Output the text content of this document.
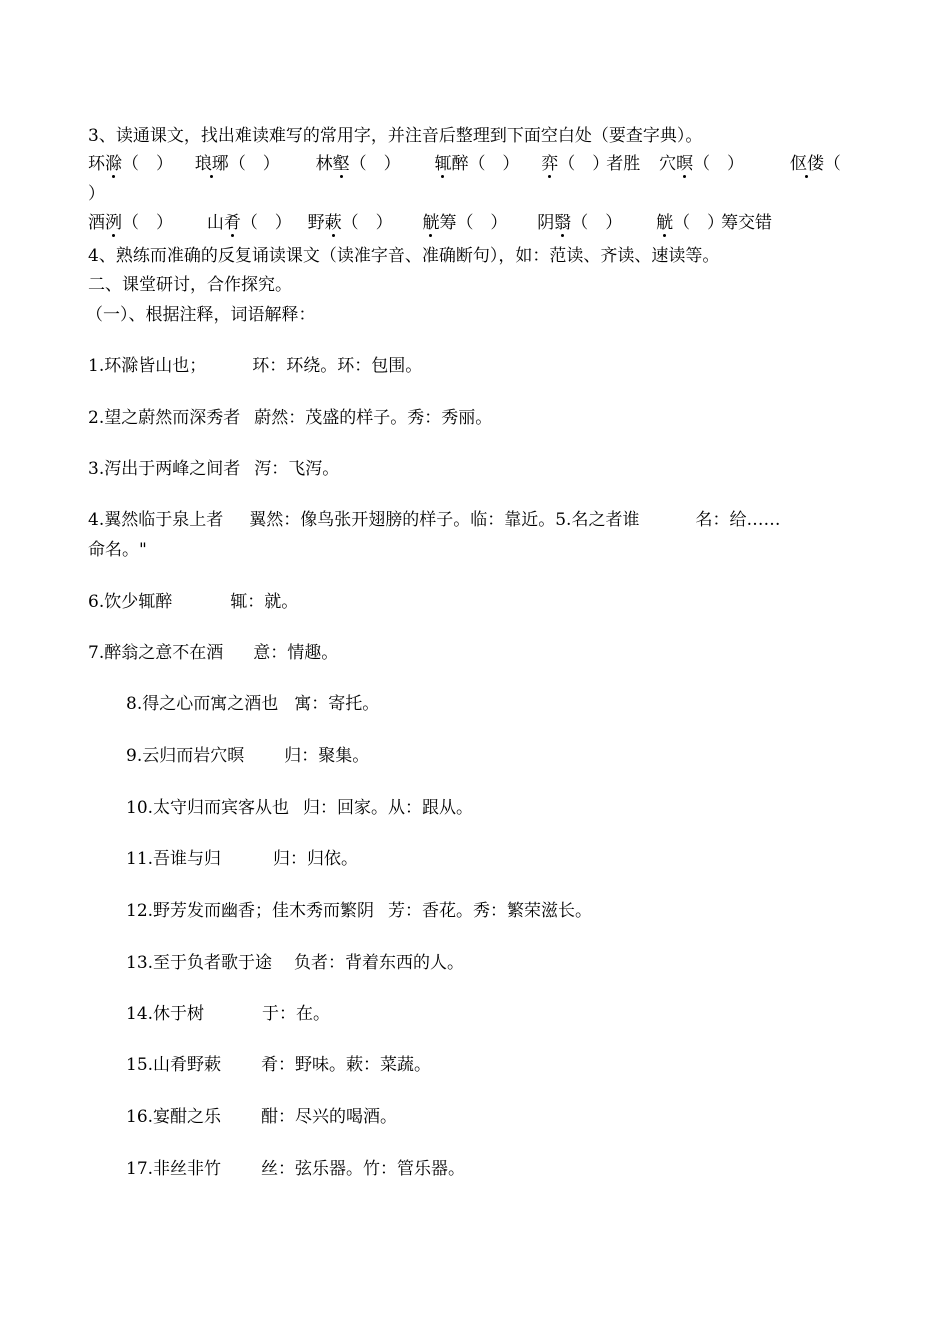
3、读通课文，找出难读难写的常用字，并注音后整理到下面空白处（要查字典）。
环滁（　） 琅琊（　） 林壑（　） 辄醉（　） 弈（　）者胜 穴暝（　）	伛偻（
）
酒洌（　） 山肴（　） 野蔌（　） 觥筹（　） 阴翳（　） 觥（　）筹交错
4、熟练而准确的反复诵读课文（读准字音、准确断句），如：范读、齐读、速读等。
二、课堂研讨，合作探究。
（一）、根据注释，词语解释：
1.环滁皆山也；	环：环绕。环：包围。
2.望之蔚然而深秀者 蔚然：茂盛的样子。秀：秀丽。
3.泻出于两峰之间者 泻：飞泻。
4.翼然临于泉上者 翼然：像鸟张开翅膀的样子。临：靠近。5.名之者谁	名：给……
命名。"
6.饮少辄醉	辄：就。
7.醉翁之意不在酒 意：情趣。
8.得之心而寓之酒也 寓：寄托。
9.云归而岩穴暝 归：聚集。
10.太守归而宾客从也 归：回家。从：跟从。
11.吾谁与归	归：归依。
12.野芳发而幽香；佳木秀而繁阴 芳：香花。秀：繁荣滋长。
13.至于负者歌于途 负者：背着东西的人。
14.休于树	于：在。
15.山肴野蔌 肴：野味。蔌：菜蔬。
16.宴酣之乐 酣：尽兴的喝酒。
17.非丝非竹 丝：弦乐器。竹：管乐器。
